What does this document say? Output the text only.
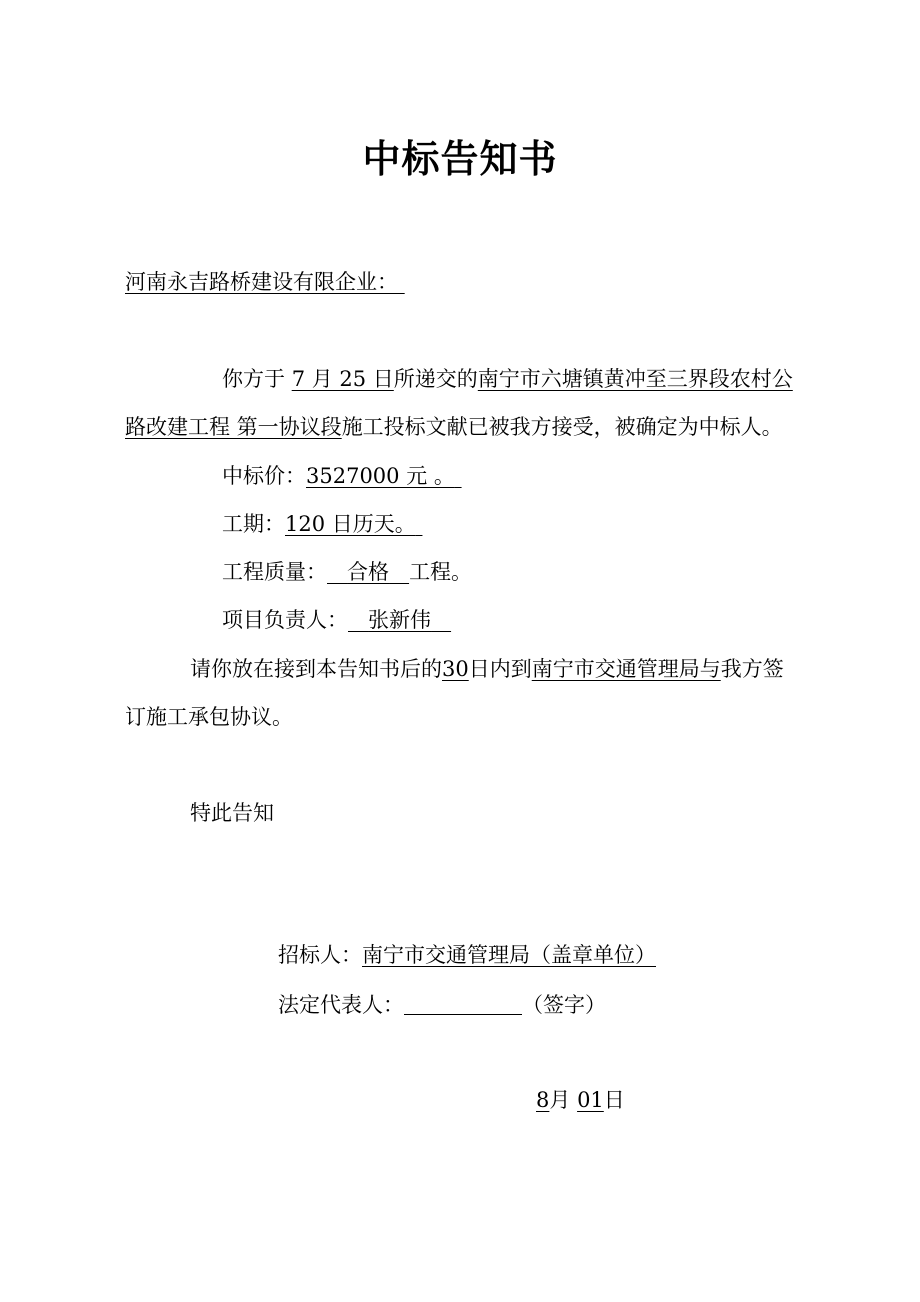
中标告知书
河南永吉路桥建设有限企业：
你方于 7 月 25 日所递交的南宁市六塘镇黄冲至三界段农村公
路改建工程 第一协议段施工投标文献已被我方接受，被确定为中标人。
中标价：3527000 元 。
工期：120 日历天。
工程质量： 合格 工程。
项目负责人： 张新伟
请你放在接到本告知书后的30日内到南宁市交通管理局与我方签
订施工承包协议。
特此告知
招标人：南宁市交通管理局（盖章单位）
法定代表人：	（签字）
8月 01日
